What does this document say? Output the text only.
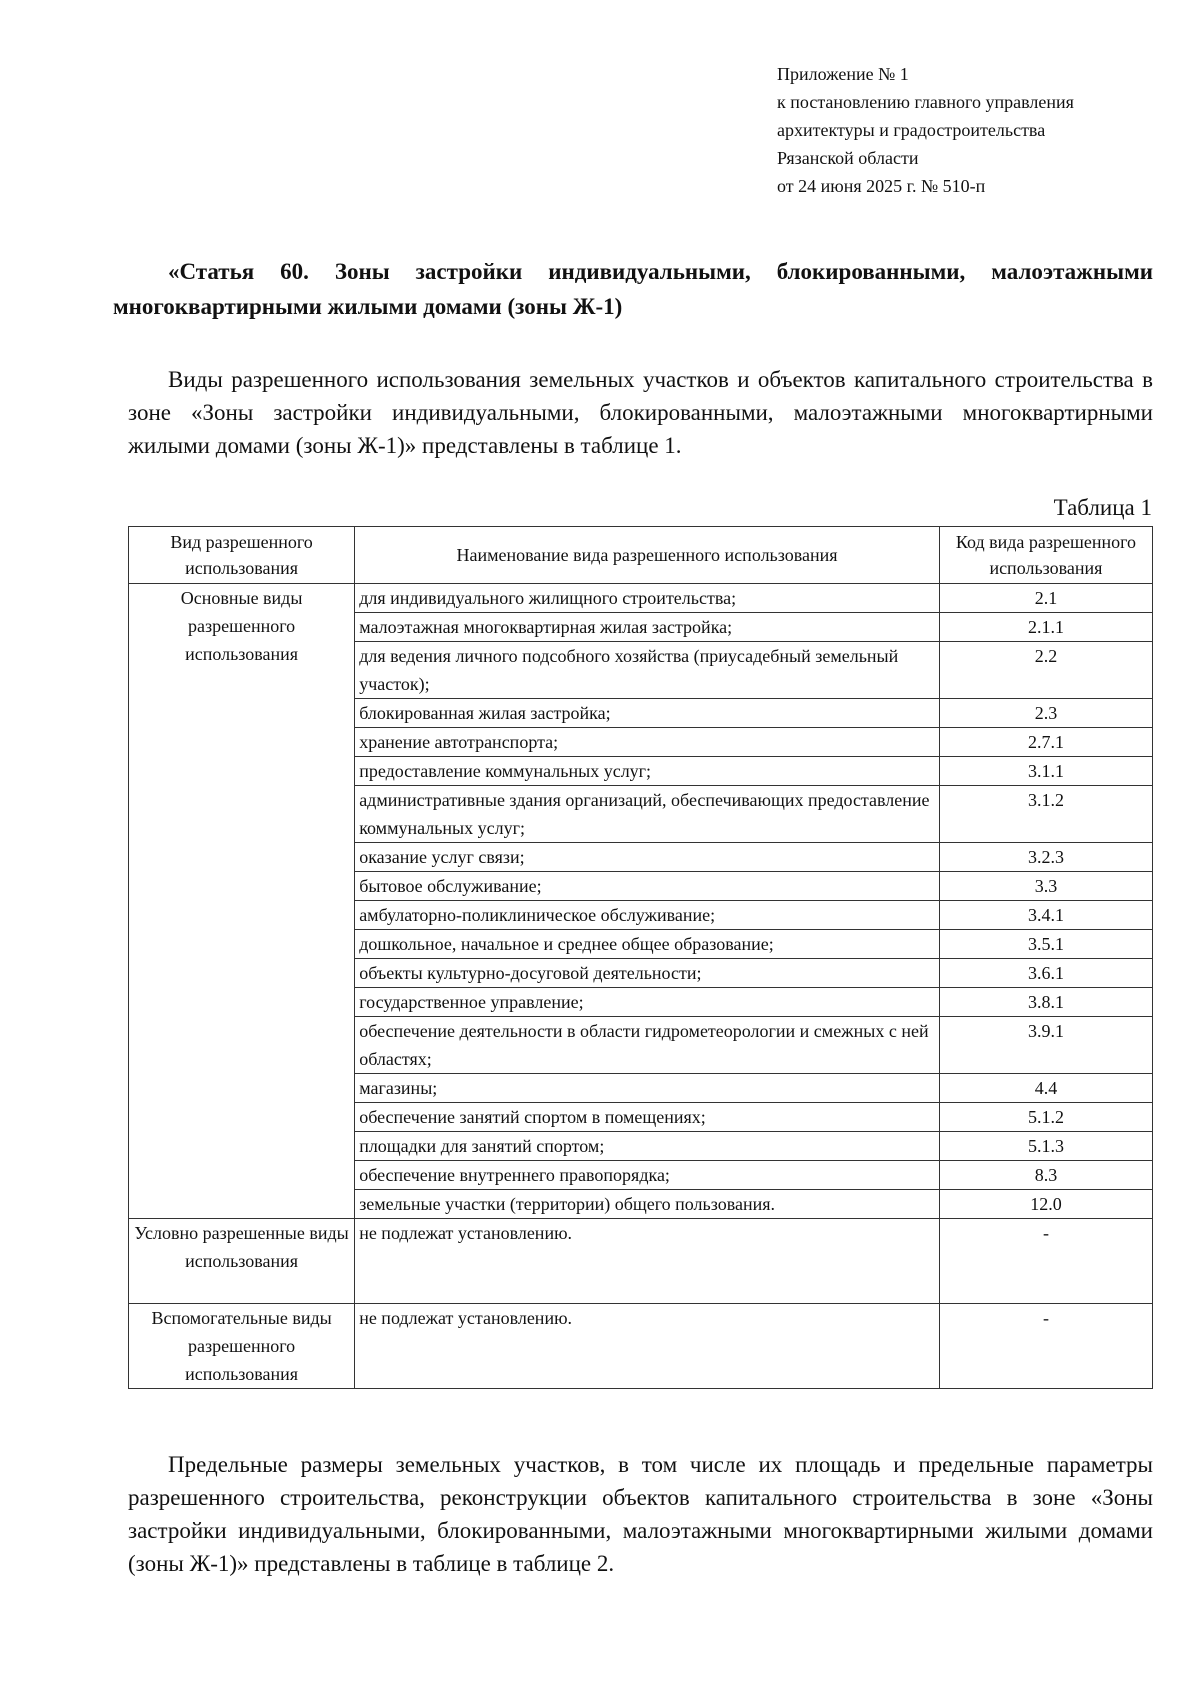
Приложение № 1
к постановлению главного управления
архитектуры и градостроительства
Рязанской области
от 24 июня 2025 г. № 510-п
«Статья 60. Зоны застройки индивидуальными, блокированными, малоэтажными многоквартирными жилыми домами (зоны Ж-1)
Виды разрешенного использования земельных участков и объектов капитального строительства в зоне «Зоны застройки индивидуальными, блокированными, малоэтажными многоквартирными жилыми домами (зоны Ж-1)» представлены в таблице 1.
Таблица 1
Вид разрешенного использования	Наименование вида разрешенного использования	Код вида разрешенного использования
Основные виды разрешенного использования	для индивидуального жилищного строительства;	2.1
	малоэтажная многоквартирная жилая застройка;	2.1.1
	для ведения личного подсобного хозяйства (приусадебный земельный участок);	2.2
	блокированная жилая застройка;	2.3
	хранение автотранспорта;	2.7.1
	предоставление коммунальных услуг;	3.1.1
	административные здания организаций, обеспечивающих предоставление коммунальных услуг;	3.1.2
	оказание услуг связи;	3.2.3
	бытовое обслуживание;	3.3
	амбулаторно-поликлиническое обслуживание;	3.4.1
	дошкольное, начальное и среднее общее образование;	3.5.1
	объекты культурно-досуговой деятельности;	3.6.1
	государственное управление;	3.8.1
	обеспечение деятельности в области гидрометеорологии и смежных с ней областях;	3.9.1
	магазины;	4.4
	обеспечение занятий спортом в помещениях;	5.1.2
	площадки для занятий спортом;	5.1.3
	обеспечение внутреннего правопорядка;	8.3
	земельные участки (территории) общего пользования.	12.0
Условно разрешенные виды использования	не подлежат установлению.	-
Вспомогательные виды разрешенного использования	не подлежат установлению.	-
Предельные размеры земельных участков, в том числе их площадь и предельные параметры разрешенного строительства, реконструкции объектов капитального строительства в зоне «Зоны застройки индивидуальными, блокированными, малоэтажными многоквартирными жилыми домами (зоны Ж-1)» представлены в таблице в таблице 2.
